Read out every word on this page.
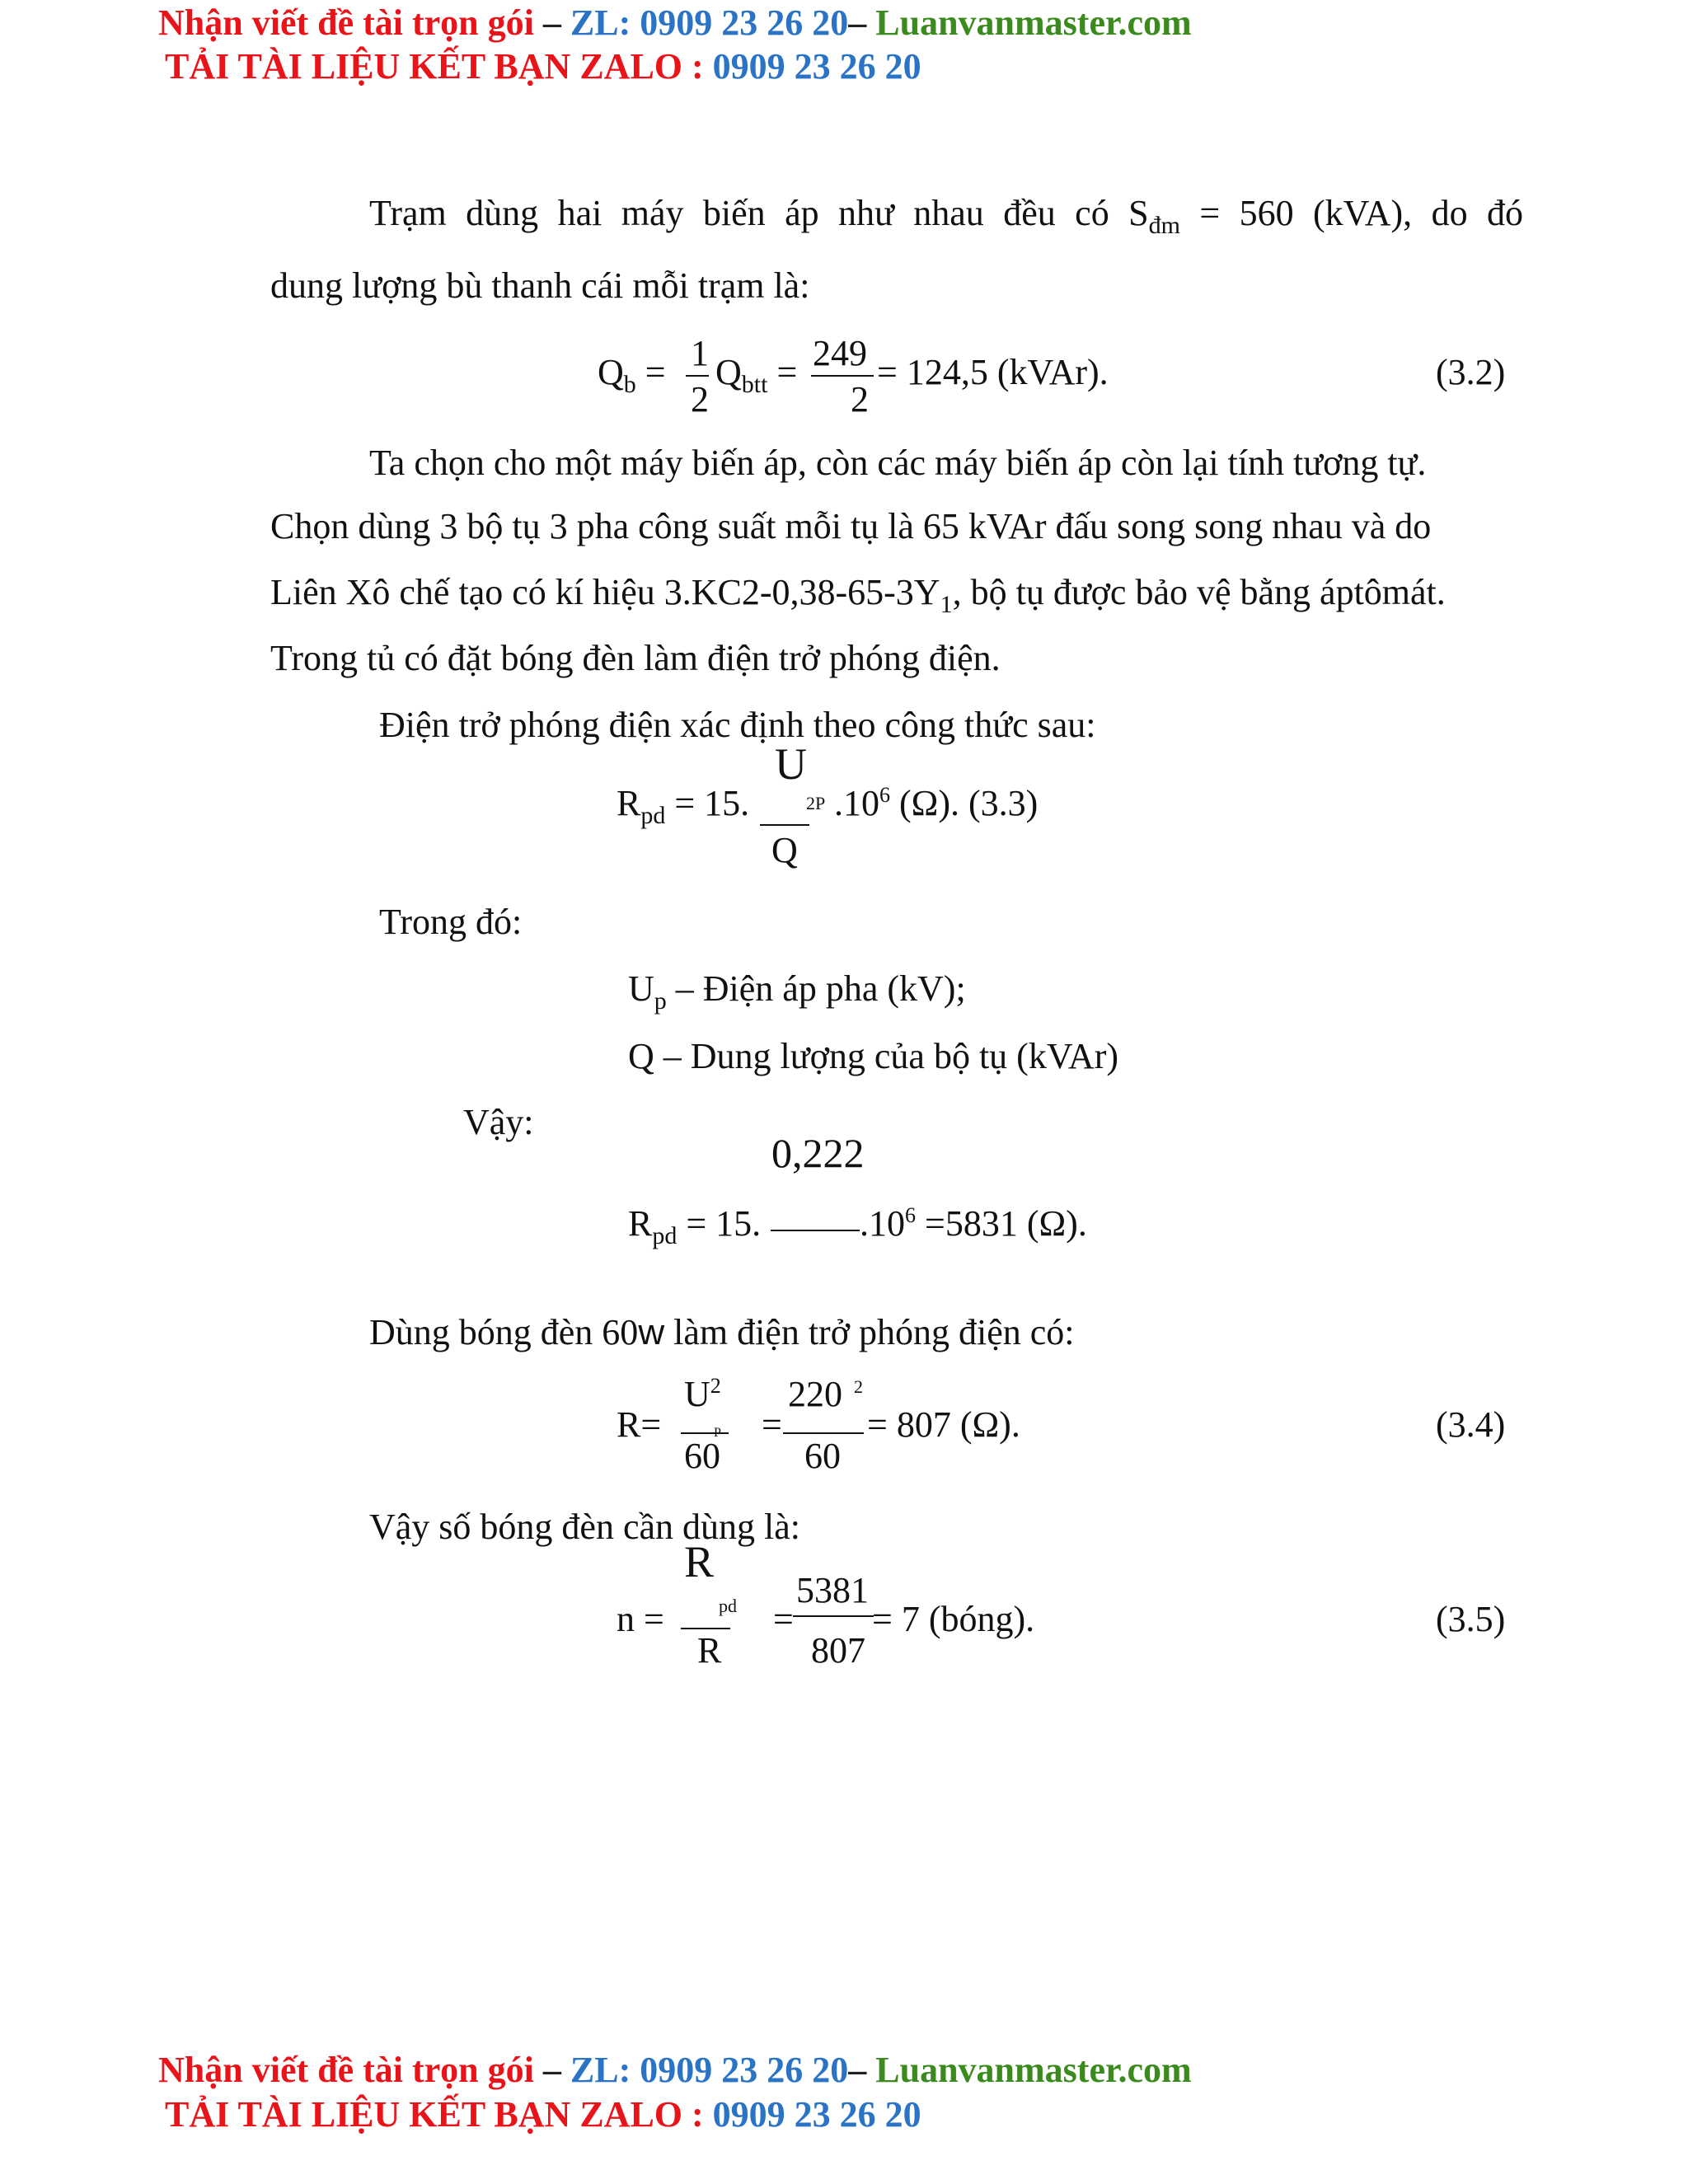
Nhận viết đề tài trọn gói – ZL: 0909 23 26 20– Luanvanmaster.com
TẢI TÀI LIỆU KẾT BẠN ZALO : 0909 23 26 20
Trạm dùng hai máy biến áp như nhau đều có $S_{đm} = 560$ (kVA), do đó
dung lượng bù thanh cái mỗi trạm là:
$Q_b = 1$
2
$Q_{btt} = 249$
2
= 124,5 (kVAr).	(3.2)
Ta chọn cho một máy biến áp, còn các máy biến áp còn lại tính tương tự.
Chọn dùng 3 bộ tụ 3 pha công suất mỗi tụ là 65 kVAr đấu song song nhau và do
Liên Xô chế tạo có kí hiệu $3.KC2-0,38-65-3Y_1$, bộ tụ được bảo vệ bằng áptômát.
Trong tủ có đặt bóng đèn làm điện trở phóng điện.
Điện trở phóng điện xác định theo công thức sau:
$R_{pd} = 15$.
U
2P
Q
$.10^6$ (Ω). (3.3)
Trong đó:
$U_p$ – Điện áp pha (kV);
Q – Dung lượng của bộ tụ (kVAr)
Vậy:
0,222
$R_{pd} = 15$.	$.10^6 =5831$ (Ω).
Dùng bóng đèn 60w làm điện trở phóng điện có:
R=
$U^2$
P
60
=
220 $^2$
60
= 807 (Ω).	(3.4)
Vậy số bóng đèn cần dùng là:
n =
R
pd
R
=
5381
807
= 7 (bóng).	(3.5)
Nhận viết đề tài trọn gói – ZL: 0909 23 26 20– Luanvanmaster.com
TẢI TÀI LIỆU KẾT BẠN ZALO : 0909 23 26 20
